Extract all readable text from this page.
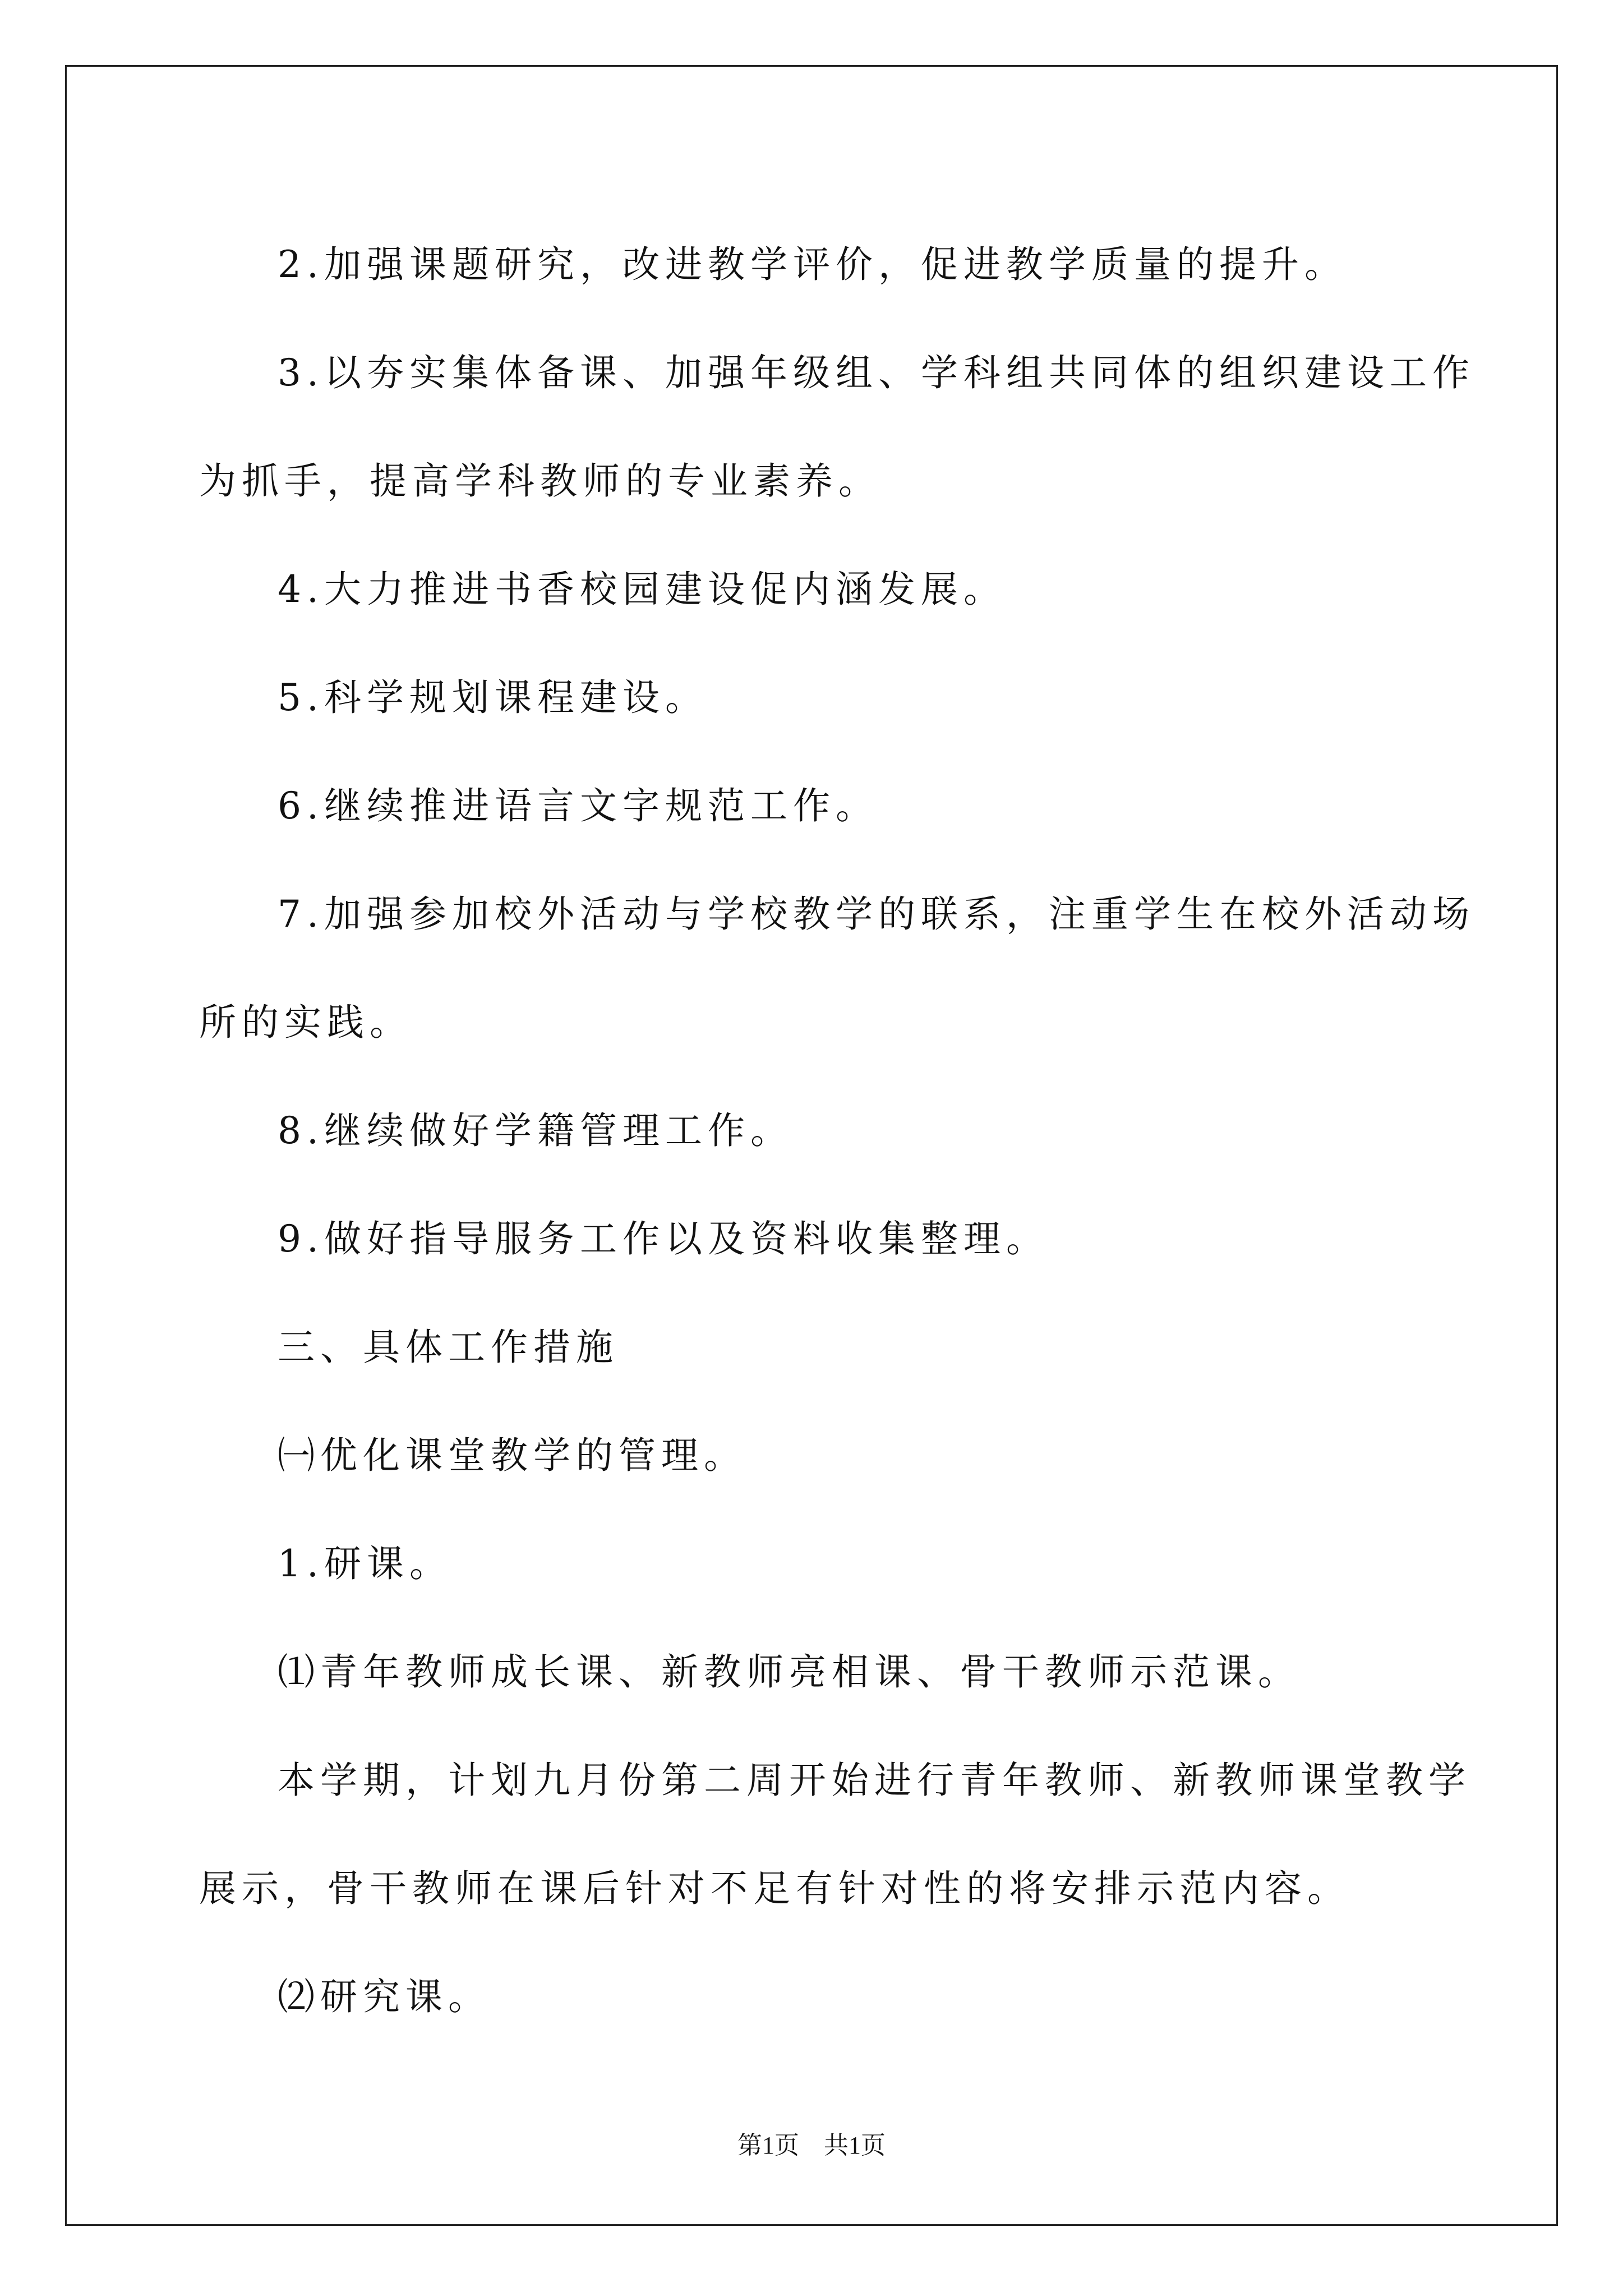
2.加强课题研究，改进教学评价，促进教学质量的提升。

3.以夯实集体备课、加强年级组、学科组共同体的组织建设工作

为抓手，提高学科教师的专业素养。

4.大力推进书香校园建设促内涵发展。

5.科学规划课程建设。

6.继续推进语言文字规范工作。

7.加强参加校外活动与学校教学的联系，注重学生在校外活动场

所的实践。

8.继续做好学籍管理工作。

9.做好指导服务工作以及资料收集整理。

三、具体工作措施

㈠优化课堂教学的管理。

1.研课。

⑴青年教师成长课、新教师亮相课、骨干教师示范课。

本学期，计划九月份第二周开始进行青年教师、新教师课堂教学

展示，骨干教师在课后针对不足有针对性的将安排示范内容。

⑵研究课。

第1页　共1页
